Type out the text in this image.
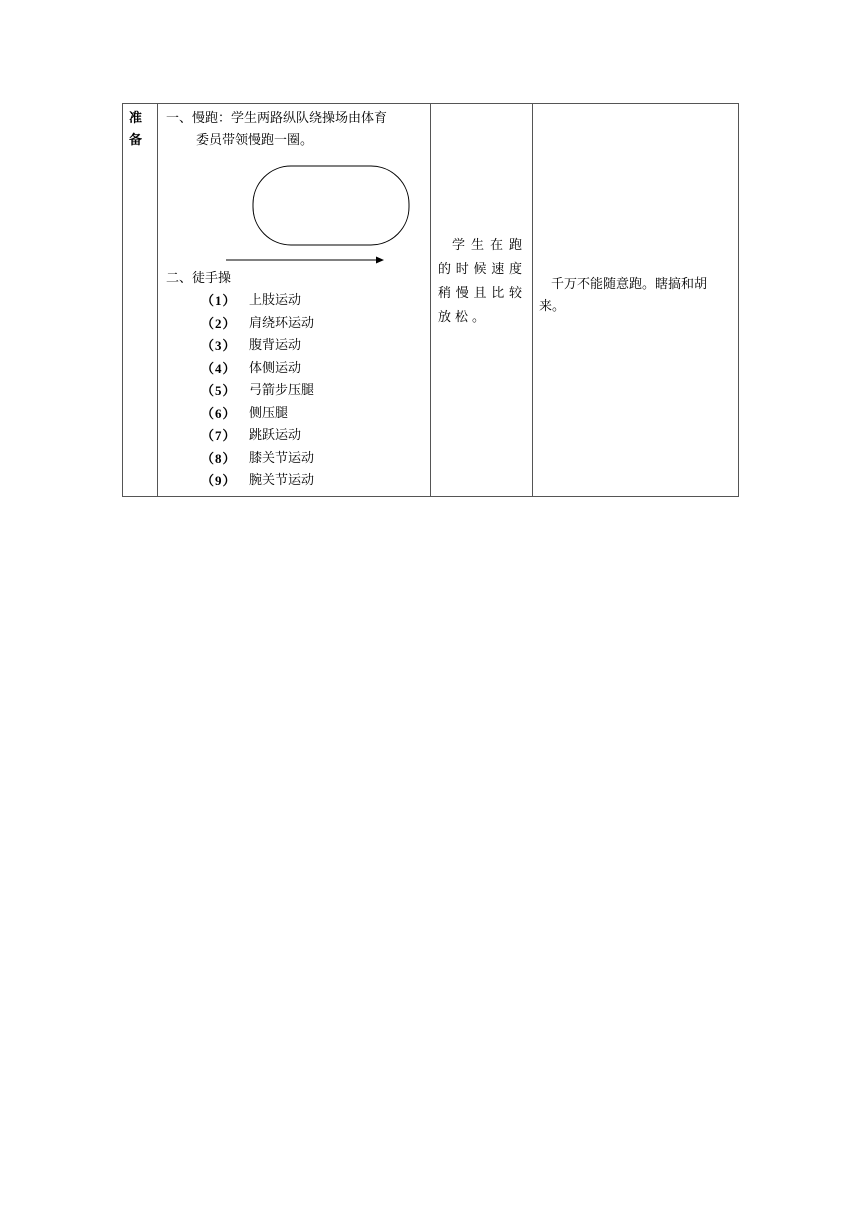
准备

一、慢跑：学生两路纵队绕操场由体育
委员带领慢跑一圈。
二、徒手操
（1） 上肢运动
（2） 肩绕环运动
（3） 腹背运动
（4） 体侧运动
（5） 弓箭步压腿
（6） 侧压腿
（7） 跳跃运动
（8） 膝关节运动
（9） 腕关节运动

学生在跑的时候速度稍慢且比较放松。

千万不能随意跑。瞎搞和胡来。
